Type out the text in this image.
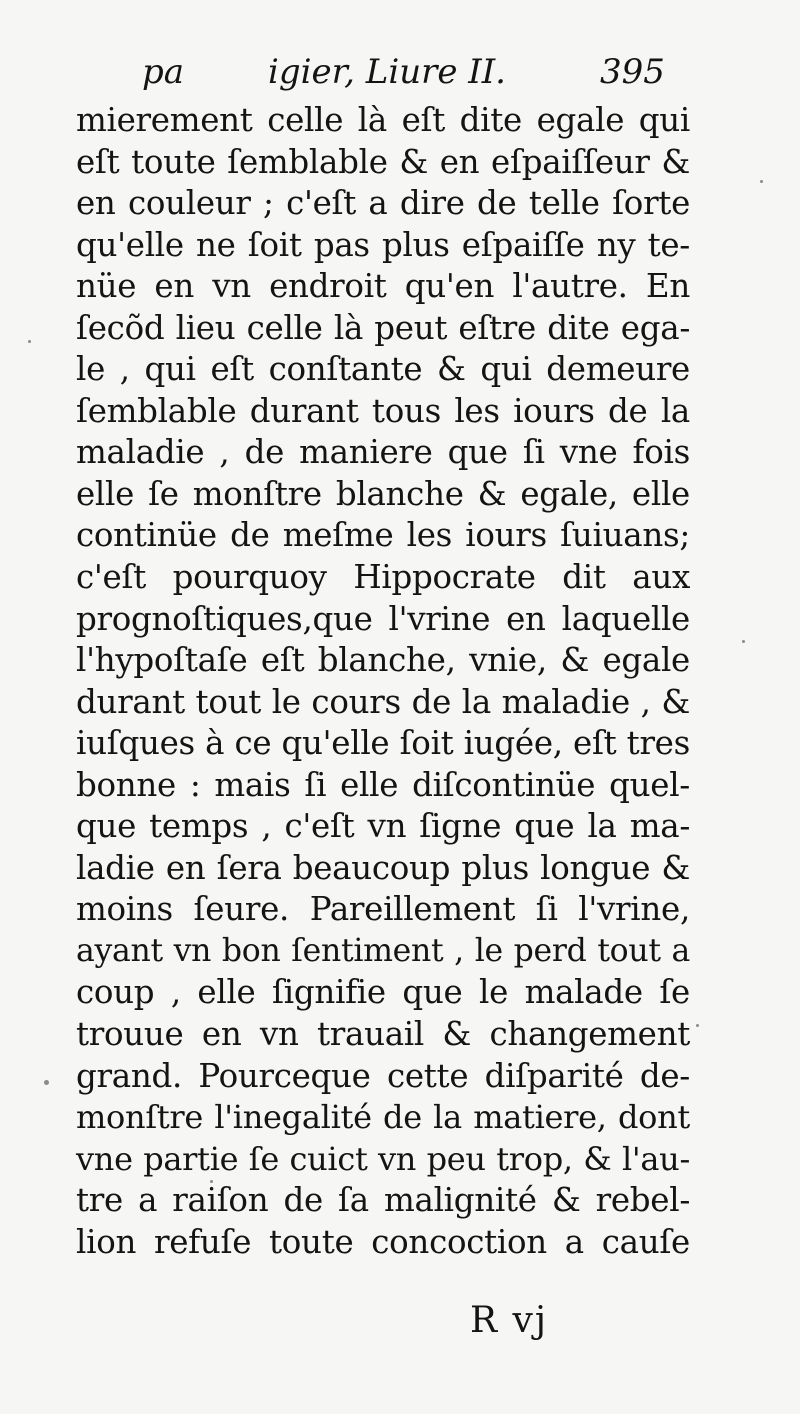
pa igier, Liure II.	395
mierement celle là eſt dite egale qui
eſt toute ſemblable & en eſpaiſſeur &
en couleur ; c'eſt a dire de telle ſorte
qu'elle ne ſoit pas plus eſpaiſſe ny te-
nüe en vn endroit qu'en l'autre. En
ſecõd lieu celle là peut eſtre dite ega-
le , qui eſt conſtante & qui demeure
ſemblable durant tous les iours de la
maladie , de maniere que ſi vne fois
elle ſe monſtre blanche & egale, elle
continüe de meſme les iours ſuiuans;
c'eſt pourquoy Hippocrate dit aux
prognoſtiques,que l'vrine en laquelle
l'hypoſtaſe eſt blanche, vnie, & egale
durant tout le cours de la maladie , &
iuſques à ce qu'elle ſoit iugée, eſt tres
bonne : mais ſi elle diſcontinüe quel-
que temps , c'eſt vn ſigne que la ma-
ladie en ſera beaucoup plus longue &
moins ſeure. Pareillement ſi l'vrine,
ayant vn bon ſentiment , le perd tout a
coup , elle ſignifie que le malade ſe
trouue en vn trauail & changement
grand. Pourceque cette diſparité de-
monſtre l'inegalité de la matiere, dont
vne partie ſe cuict vn peu trop, & l'au-
tre a raiſon de ſa malignité & rebel-
lion refuſe toute concoction a cauſe
R vj
